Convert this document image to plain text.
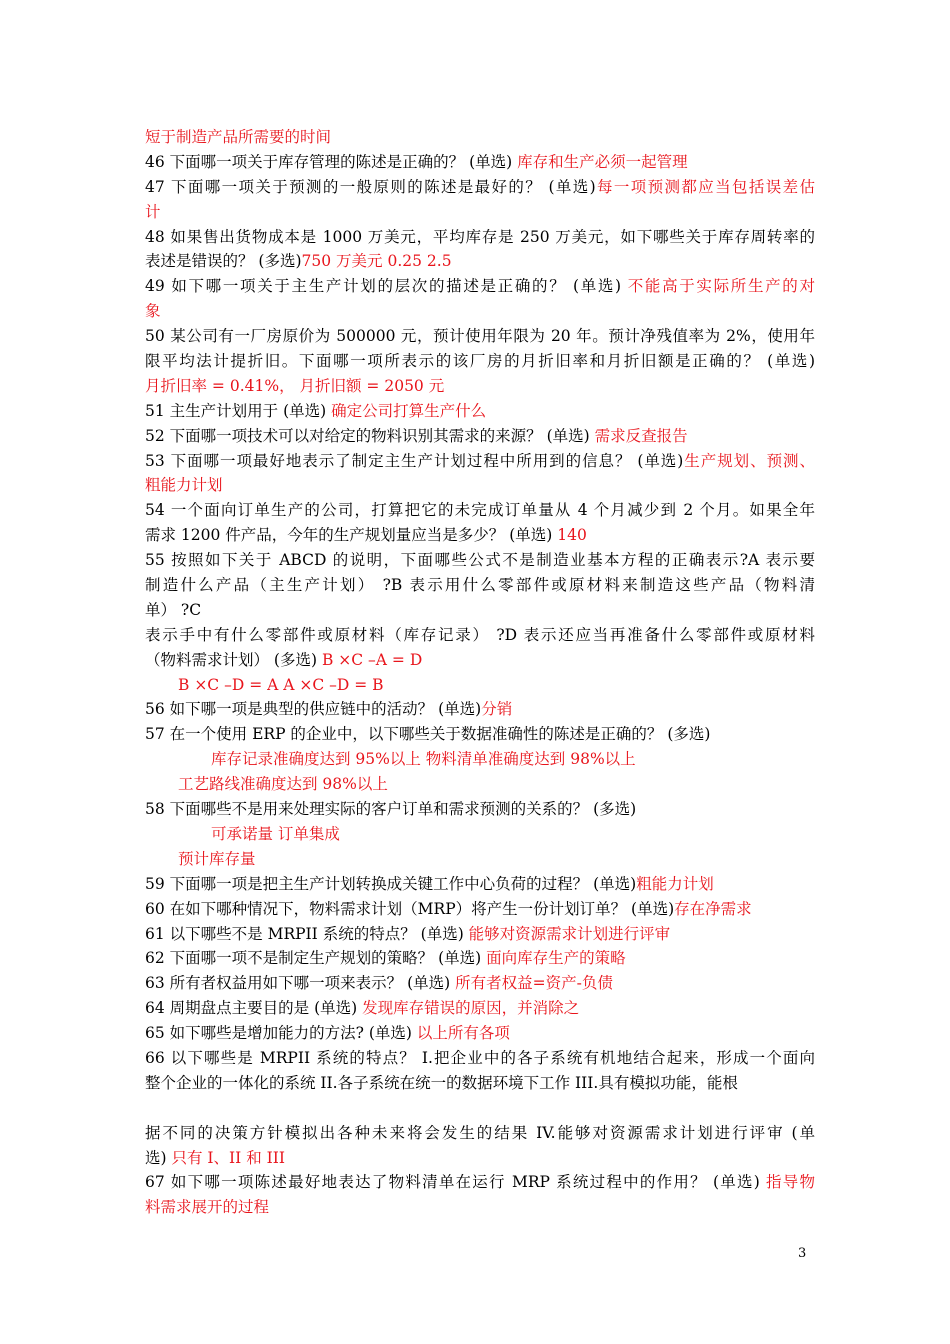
短于制造产品所需要的时间
46 下面哪一项关于库存管理的陈述是正确的？ (单选) 库存和生产必须一起管理
47 下面哪一项关于预测的一般原则的陈述是最好的？ (单选)每一项预测都应当包括误差估
计
48 如果售出货物成本是 1000 万美元，平均库存是 250 万美元，如下哪些关于库存周转率的
表述是错误的？ (多选)750 万美元 0.25 2.5
49 如下哪一项关于主生产计划的层次的描述是正确的？ (单选) 不能高于实际所生产的对
象
50 某公司有一厂房原价为 500000 元，预计使用年限为 20 年。预计净残值率为 2%，使用年
限平均法计提折旧。下面哪一项所表示的该厂房的月折旧率和月折旧额是正确的？ (单选)
月折旧率 = 0.41%， 月折旧额 = 2050 元
51 主生产计划用于 (单选) 确定公司打算生产什么
52 下面哪一项技术可以对给定的物料识别其需求的来源？ (单选) 需求反查报告
53 下面哪一项最好地表示了制定主生产计划过程中所用到的信息？ (单选)生产规划、预测、
粗能力计划
54 一个面向订单生产的公司，打算把它的未完成订单量从 4 个月减少到 2 个月。如果全年
需求 1200 件产品，今年的生产规划量应当是多少？ (单选) 140
55 按照如下关于 ABCD 的说明，下面哪些公式不是制造业基本方程的正确表示?A 表示要
制造什么产品（主生产计划） ?B 表示用什么零部件或原材料来制造这些产品（物料清
单） ?C
表示手中有什么零部件或原材料（库存记录） ?D 表示还应当再准备什么零部件或原材料
（物料需求计划） (多选) B ×C –A = D
B ×C –D = A A ×C –D = B
56 如下哪一项是典型的供应链中的活动？ (单选)分销
57 在一个使用 ERP 的企业中，以下哪些关于数据准确性的陈述是正确的？ (多选)
库存记录准确度达到 95%以上 物料清单准确度达到 98%以上
工艺路线准确度达到 98%以上
58 下面哪些不是用来处理实际的客户订单和需求预测的关系的？ (多选)
可承诺量 订单集成
预计库存量
59 下面哪一项是把主生产计划转换成关键工作中心负荷的过程？ (单选)粗能力计划
60 在如下哪种情况下，物料需求计划（MRP）将产生一份计划订单？ (单选)存在净需求
61 以下哪些不是 MRPII 系统的特点？ (单选) 能够对资源需求计划进行评审
62 下面哪一项不是制定生产规划的策略？ (单选) 面向库存生产的策略
63 所有者权益用如下哪一项来表示？ (单选) 所有者权益=资产-负债
64 周期盘点主要目的是 (单选) 发现库存错误的原因，并消除之
65 如下哪些是增加能力的方法? (单选) 以上所有各项
66 以下哪些是 MRPII 系统的特点？ I.把企业中的各子系统有机地结合起来，形成一个面向
整个企业的一体化的系统 II.各子系统在统一的数据环境下工作 III.具有模拟功能，能根

据不同的决策方针模拟出各种未来将会发生的结果 IV.能够对资源需求计划进行评审 (单
选) 只有 I、II 和 III
67 如下哪一项陈述最好地表达了物料清单在运行 MRP 系统过程中的作用？ (单选) 指导物
料需求展开的过程
3
